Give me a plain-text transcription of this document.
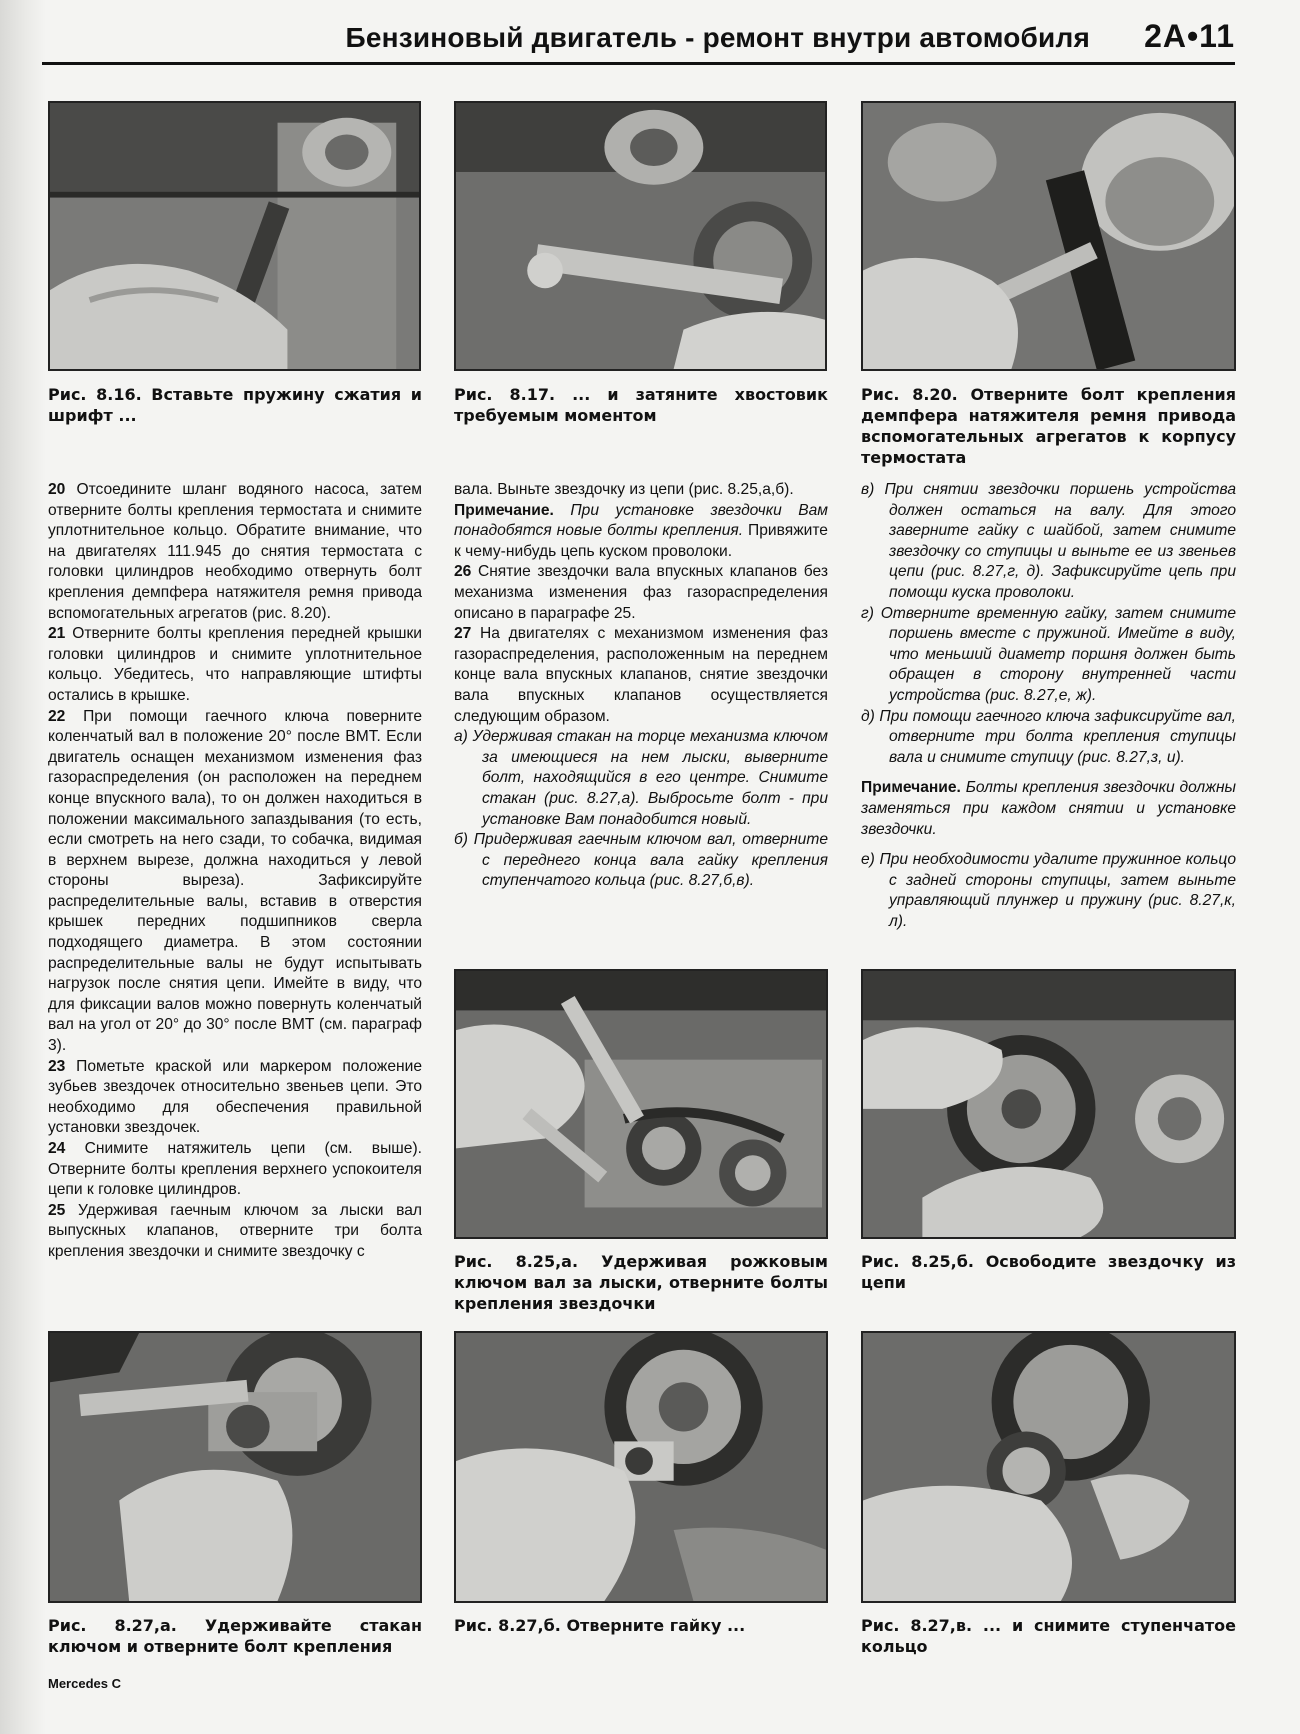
Бензиновый двигатель - ремонт внутри автомобиля 2A•11
Рис. 8.16. Вставьте пружину сжатия и шрифт ...
Рис. 8.17. ... и затяните хвостовик требуемым моментом
Рис. 8.20. Отверните болт крепления демпфера натяжителя ремня привода вспомогательных агрегатов к корпусу термостата

20 Отсоедините шланг водяного насоса, затем отверните болты крепления термостата и снимите уплотнительное кольцо. Обратите внимание, что на двигателях 111.945 до снятия термостата с головки цилиндров необходимо отвернуть болт крепления демпфера натяжителя ремня привода вспомогательных агрегатов (рис. 8.20).

21 Отверните болты крепления передней крышки головки цилиндров и снимите уплотнительное кольцо. Убедитесь, что направляющие штифты остались в крышке.

22 При помощи гаечного ключа поверните коленчатый вал в положение 20° после ВМТ. Если двигатель оснащен механизмом изменения фаз газораспределения (он расположен на переднем конце впускного вала), то он должен находиться в положении максимального запаздывания (то есть, если смотреть на него сзади, то собачка, видимая в верхнем вырезе, должна находиться у левой стороны выреза). Зафиксируйте распределительные валы, вставив в отверстия крышек передних подшипников сверла подходящего диаметра. В этом состоянии распределительные валы не будут испытывать нагрузок после снятия цепи. Имейте в виду, что для фиксации валов можно повернуть коленчатый вал на угол от 20° до 30° после ВМТ (см. параграф 3).

23 Пометьте краской или маркером положение зубьев звездочек относительно звеньев цепи. Это необходимо для обеспечения правильной установки звездочек.

24 Снимите натяжитель цепи (см. выше). Отверните болты крепления верхнего успокоителя цепи к головке цилиндров.

25 Удерживая гаечным ключом за лыски вал выпускных клапанов, отверните три болта крепления звездочки и снимите звездочку с

вала. Выньте звездочку из цепи (рис. 8.25,а,б).

Примечание. При установке звездочки Вам понадобятся новые болты крепления. Привяжите к чему-нибудь цепь куском проволоки.

26 Снятие звездочки вала впускных клапанов без механизма изменения фаз газораспределения описано в параграфе 25.

27 На двигателях с механизмом изменения фаз газораспределения, расположенным на переднем конце вала впускных клапанов, снятие звездочки вала впускных клапанов осуществляется следующим образом.

а) Удерживая стакан на торце механизма ключом за имеющиеся на нем лыски, выверните болт, находящийся в его центре. Снимите стакан (рис. 8.27,а). Выбросьте болт - при установке Вам понадобится новый.

б) Придерживая гаечным ключом вал, отверните с переднего конца вала гайку крепления ступенчатого кольца (рис. 8.27,б,в).

в) При снятии звездочки поршень устройства должен остаться на валу. Для этого заверните гайку с шайбой, затем снимите звездочку со ступицы и выньте ее из звеньев цепи (рис. 8.27,г, д). Зафиксируйте цепь при помощи куска проволоки.

г) Отверните временную гайку, затем снимите поршень вместе с пружиной. Имейте в виду, что меньший диаметр поршня должен быть обращен в сторону внутренней части устройства (рис. 8.27,е, ж).

д) При помощи гаечного ключа зафиксируйте вал, отверните три болта крепления ступицы вала и снимите ступицу (рис. 8.27,з, и).

Примечание. Болты крепления звездочки должны заменяться при каждом снятии и установке звездочки.

е) При необходимости удалите пружинное кольцо с задней стороны ступицы, затем выньте управляющий плунжер и пружину (рис. 8.27,к, л).

Рис. 8.25,а. Удерживая рожковым ключом вал за лыски, отверните болты крепления звездочки
Рис. 8.25,б. Освободите звездочку из цепи
Рис. 8.27,а. Удерживайте стакан ключом и отверните болт крепления
Рис. 8.27,б. Отверните гайку ...	Рис. 8.27,в. ... и снимите ступенчатое кольцо
Mercedes C
